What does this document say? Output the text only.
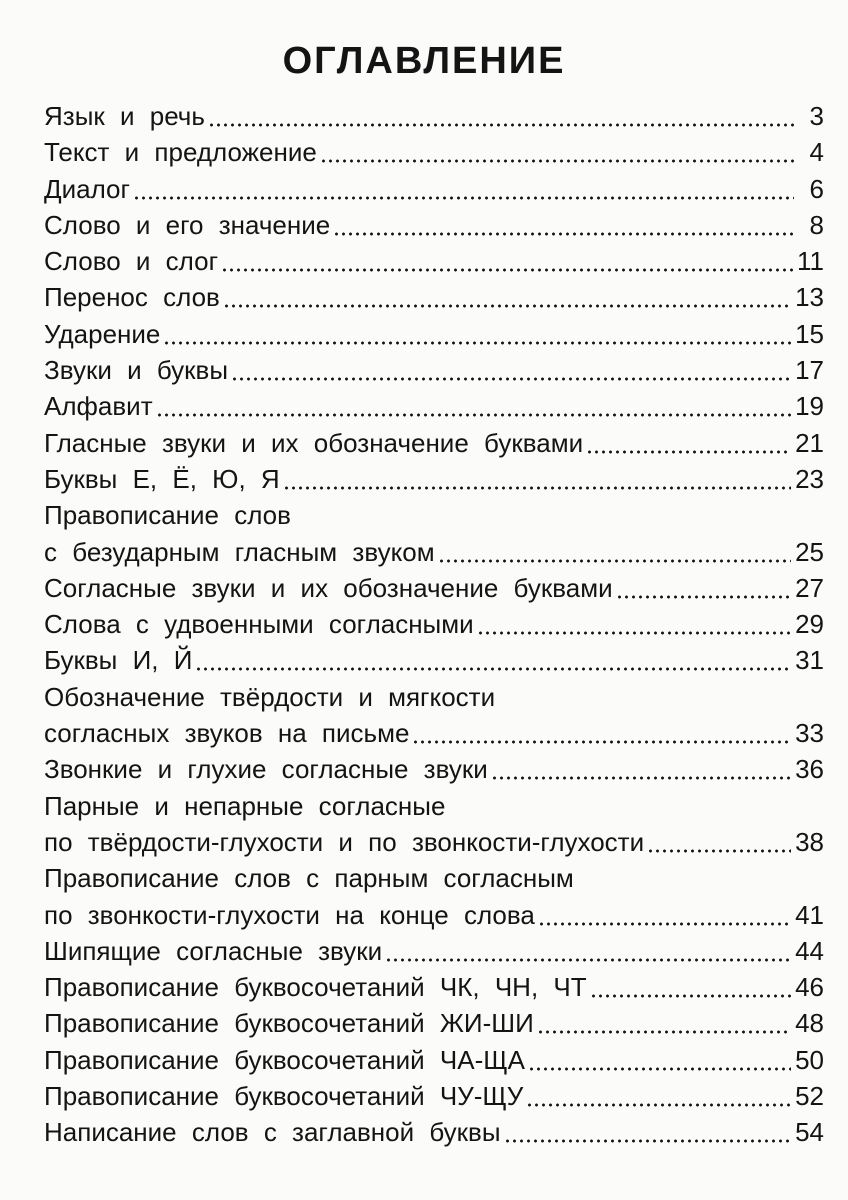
ОГЛАВЛЕНИЕ
Язык и речь	3
Текст и предложение	4
Диалог	6
Слово и его значение	8
Слово и слог	11
Перенос слов	13
Ударение	15
Звуки и буквы	17
Алфавит	19
Гласные звуки и их обозначение буквами	21
Буквы Е, Ё, Ю, Я	23
Правописание слов
с безударным гласным звуком	25
Согласные звуки и их обозначение буквами	27
Слова с удвоенными согласными	29
Буквы И, Й	31
Обозначение твёрдости и мягкости
согласных звуков на письме	33
Звонкие и глухие согласные звуки	36
Парные и непарные согласные
по твёрдости-глухости и по звонкости-глухости	38
Правописание слов с парным согласным
по звонкости-глухости на конце слова	41
Шипящие согласные звуки	44
Правописание буквосочетаний ЧК, ЧН, ЧТ	46
Правописание буквосочетаний ЖИ-ШИ	48
Правописание буквосочетаний ЧА-ЩА	50
Правописание буквосочетаний ЧУ-ЩУ	52
Написание слов с заглавной буквы	54
